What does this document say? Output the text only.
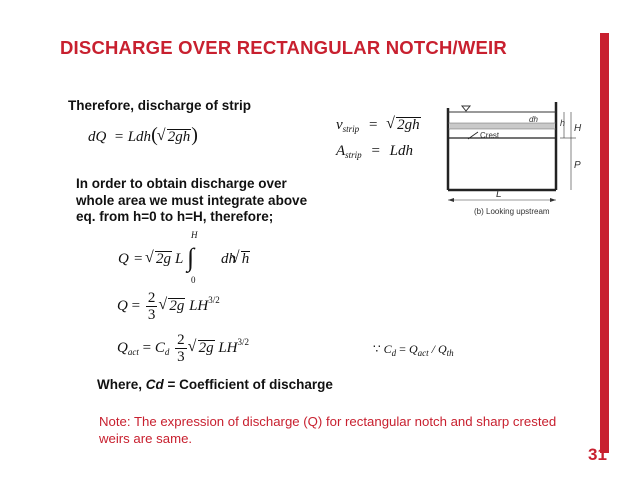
DISCHARGE OVER RECTANGULAR NOTCH/WEIR
Therefore, discharge of strip
dQ  = Ldh( √ 2gh)	$v_{strip}$ = √ 2gh
$A_{strip}$ = Ldh
In order to obtain discharge over whole area we must integrate above eq. from h=0 to h=H, therefore;
Q = √ 2g L ∫
H
0
√ h
dh
$Q = \frac{2}{3}$ √ 2g $LH^{3/2}$
$Q_{act} = C_d \frac{2}{3}$ √ 2g $LH^{3/2}$
∵ $C_d = Q_{act} / Q_{th}$
Where, Cd = Coefficient of discharge
Note: The expression of discharge (Q) for rectangular notch and sharp crested weirs are same.
31
dh h H
P
Crest
L
(b) Looking upstream
